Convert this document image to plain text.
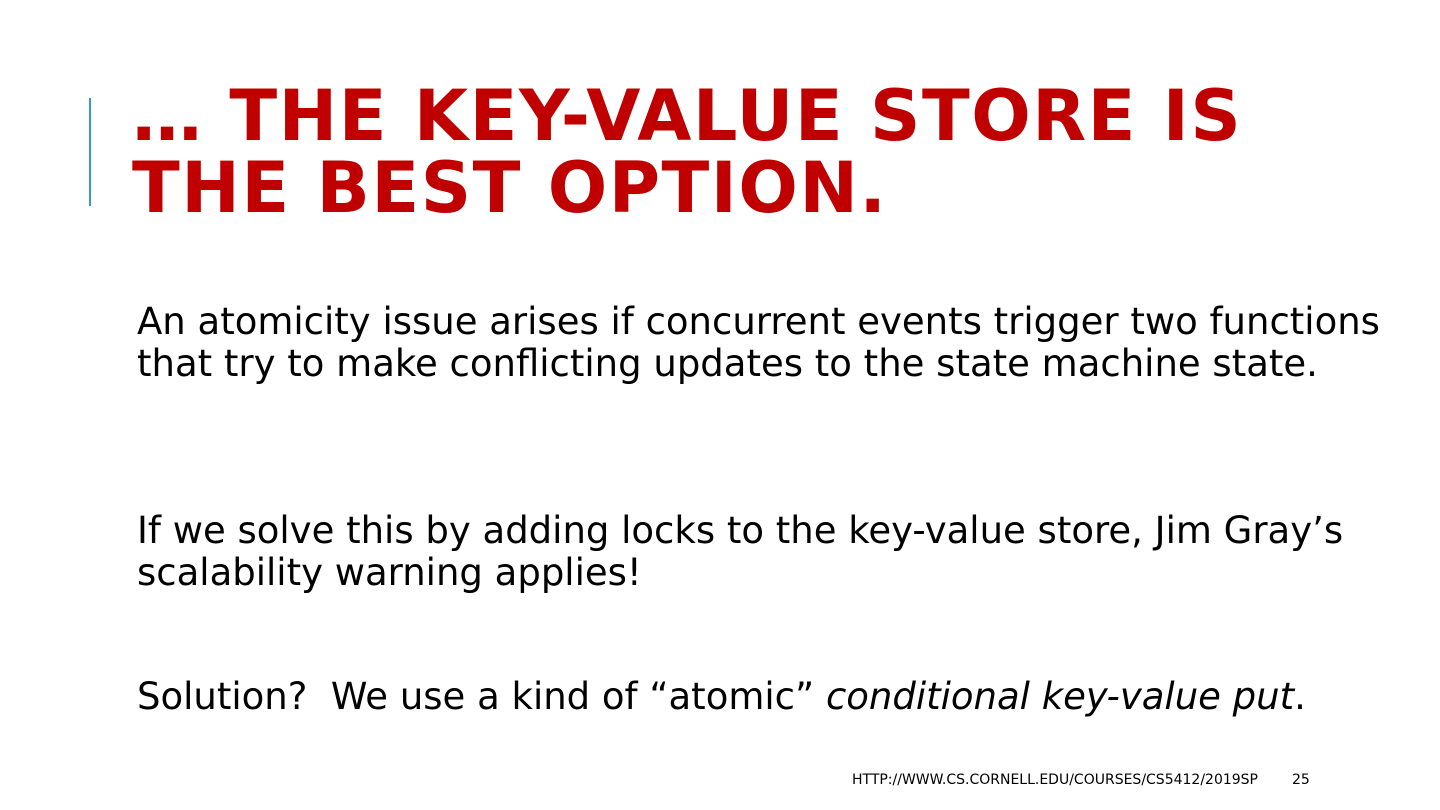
… THE KEY-VALUE STORE IS THE BEST OPTION.

An atomicity issue arises if concurrent events trigger two functions that try to make conflicting updates to the state machine state.

If we solve this by adding locks to the key-value store, Jim Gray’s scalability warning applies!

Solution?  We use a kind of “atomic” conditional key-value put.

HTTP://WWW.CS.CORNELL.EDU/COURSES/CS5412/2019SP 25
